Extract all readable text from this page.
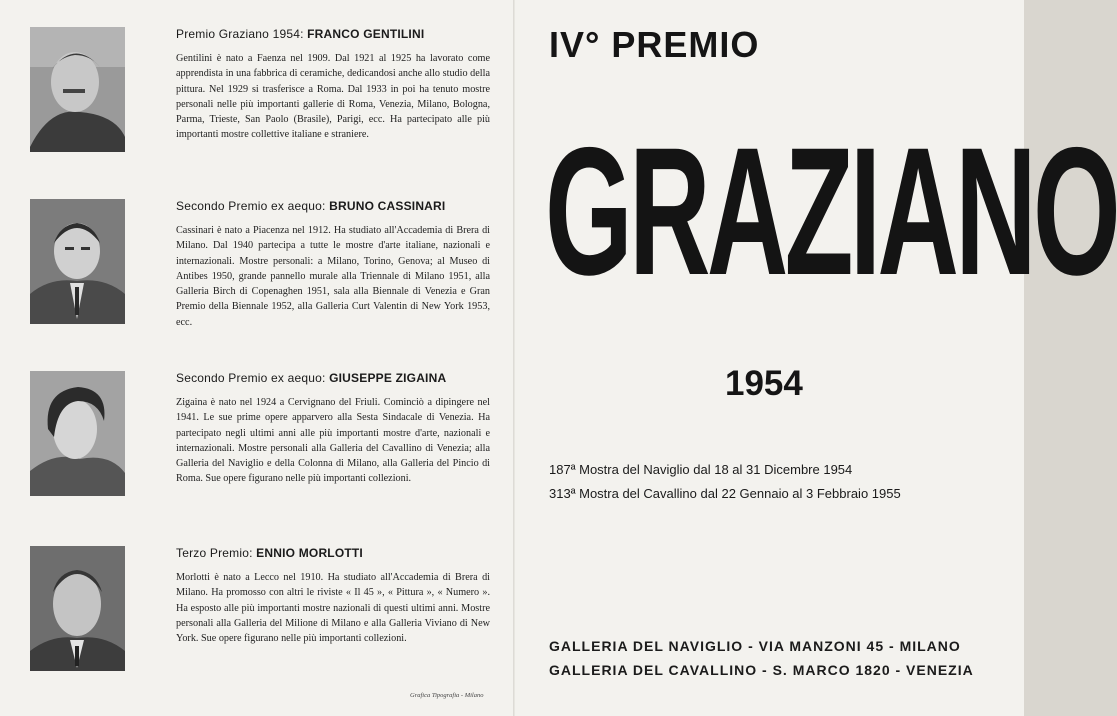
Premio Graziano 1954: FRANCO GENTILINI
Gentilini è nato a Faenza nel 1909. Dal 1921 al 1925 ha lavorato come apprendista in una fabbrica di ceramiche, dedicandosi anche allo studio della pittura. Nel 1929 si trasferisce a Roma. Dal 1933 in poi ha tenuto mostre personali nelle più importanti gallerie di Roma, Venezia, Milano, Bologna, Parma, Trieste, San Paolo (Brasile), Parigi, ecc. Ha partecipato alle più importanti mostre collettive italiane e straniere.
Secondo Premio ex aequo: BRUNO CASSINARI
Cassinari è nato a Piacenza nel 1912. Ha studiato all'Accademia di Brera di Milano. Dal 1940 partecipa a tutte le mostre d'arte italiane, nazionali e internazionali. Mostre personali: a Milano, Torino, Genova; al Museo di Antibes 1950, grande pannello murale alla Triennale di Milano 1951, alla Galleria Birch di Copenaghen 1951, sala alla Biennale di Venezia e Gran Premio della Biennale 1952, alla Galleria Curt Valentin di New York 1953, ecc.
Secondo Premio ex aequo: GIUSEPPE ZIGAINA
Zigaina è nato nel 1924 a Cervignano del Friuli. Cominciò a dipingere nel 1941. Le sue prime opere apparvero alla Sesta Sindacale di Venezia. Ha partecipato negli ultimi anni alle più importanti mostre d'arte, nazionali e internazionali. Mostre personali alla Galleria del Cavallino di Venezia; alla Galleria del Naviglio e della Colonna di Milano, alla Galleria del Pincio di Roma. Sue opere figurano nelle più importanti collezioni.
Terzo Premio: ENNIO MORLOTTI
Morlotti è nato a Lecco nel 1910. Ha studiato all'Accademia di Brera di Milano. Ha promosso con altri le riviste « Il 45 », « Pittura », « Numero ». Ha esposto alle più importanti mostre nazionali di questi ultimi anni. Mostre personali alla Galleria del Milione di Milano e alla Galleria Viviano di New York. Sue opere figurano nelle più importanti collezioni.
Grafica Tipografia - Milano
IV° PREMIO
GRAZIANO
1954
187ª Mostra del Naviglio dal 18 al 31 Dicembre 1954
313ª Mostra del Cavallino dal 22 Gennaio al 3 Febbraio 1955
GALLERIA DEL NAVIGLIO - VIA MANZONI 45 - MILANO
GALLERIA DEL CAVALLINO - S. MARCO 1820 - VENEZIA
